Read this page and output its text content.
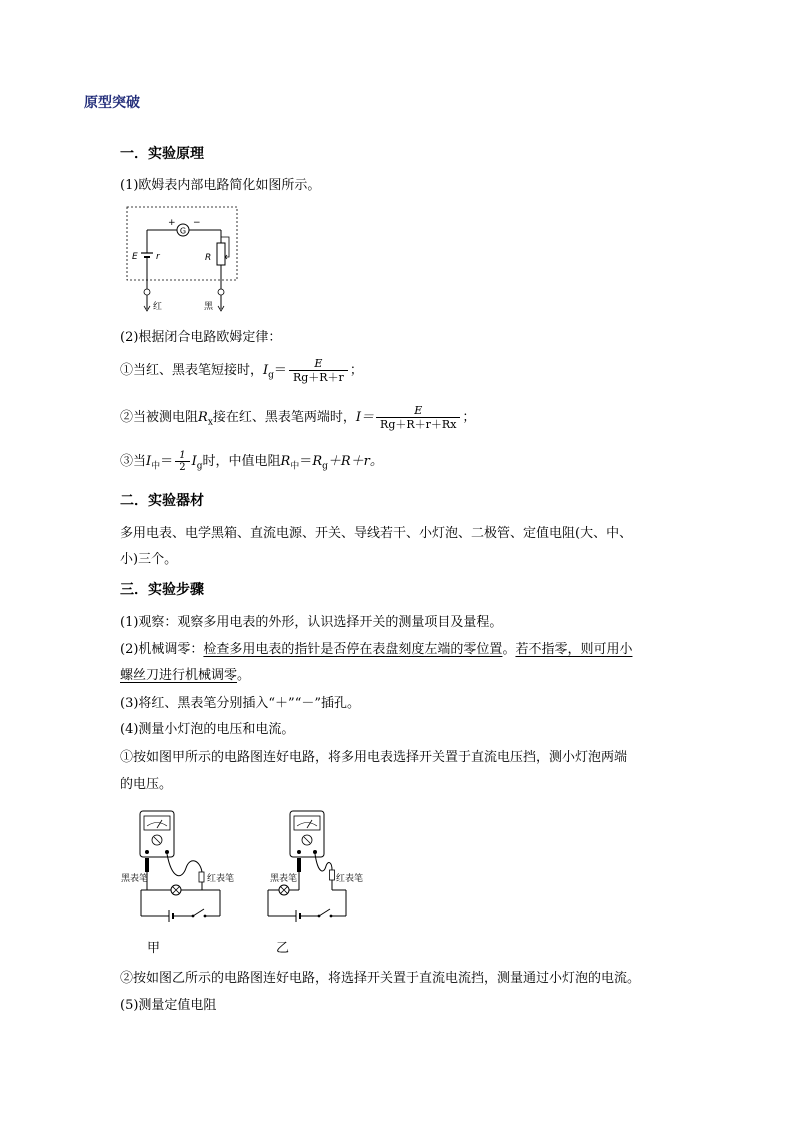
原型突破
一．实验原理
(1)欧姆表内部电路简化如图所示。
G
+ −
E r	R
红	黑
(2)根据闭合电路欧姆定律：
①当红、黑表笔短接时，$I_g= \frac{E}{Rg+R+r}$ ；
②当被测电阻$R_x$接在红、黑表笔两端时，$I= \frac{E}{Rg+R+r+Rx}$ ；
③当$I_中= \frac{1}{2} I_g$时，中值电阻$R_中=R_g+R+r$。
二．实验器材
多用电表、电学黑箱、直流电源、开关、导线若干、小灯泡、二极管、定值电阻(大、中、
小)三个。
三．实验步骤
(1)观察：观察多用电表的外形，认识选择开关的测量项目及量程。
(2)机械调零：检查多用电表的指针是否停在表盘刻度左端的零位置。若不指零，则可用小
螺丝刀进行机械调零。
(3)将红、黑表笔分别插入“＋”“－”插孔。
(4)测量小灯泡的电压和电流。
①按如图甲所示的电路图连好电路，将多用电表选择开关置于直流电压挡，测小灯泡两端
的电压。
黑表笔	红表笔
甲
黑表笔	红表笔
乙
②按如图乙所示的电路图连好电路，将选择开关置于直流电流挡，测量通过小灯泡的电流。
(5)测量定值电阻
